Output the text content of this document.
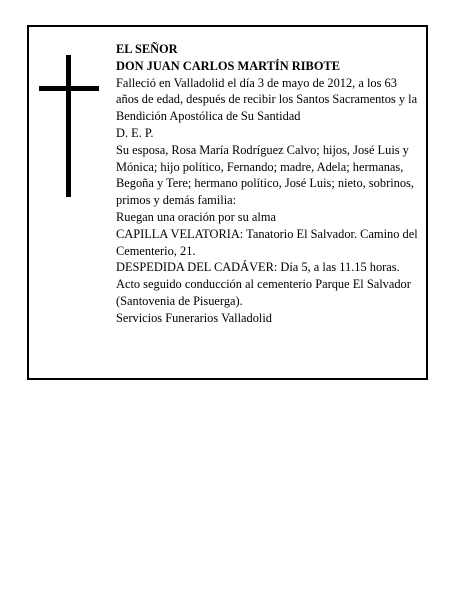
EL SEÑOR

DON JUAN CARLOS MARTÍN RIBOTE

Falleció en Valladolid el día 3 de mayo de 2012, a los 63 años de edad, después de recibir los Santos Sacramentos y la Bendición Apostólica de Su Santidad

D. E. P.

Su esposa, Rosa María Rodríguez Calvo; hijos, José Luis y Mónica; hijo político, Fernando; madre, Adela; hermanas, Begoña y Tere; hermano político, José Luis; nieto, sobrinos, primos y demás familia:

Ruegan una oración por su alma

CAPILLA VELATORIA: Tanatorio El Salvador. Camino del Cementerio, 21.

DESPEDIDA DEL CADÁVER: Día 5, a las 11.15 horas. Acto seguido conducción al cementerio Parque El Salvador (Santovenia de Pisuerga).

Servicios Funerarios Valladolid
